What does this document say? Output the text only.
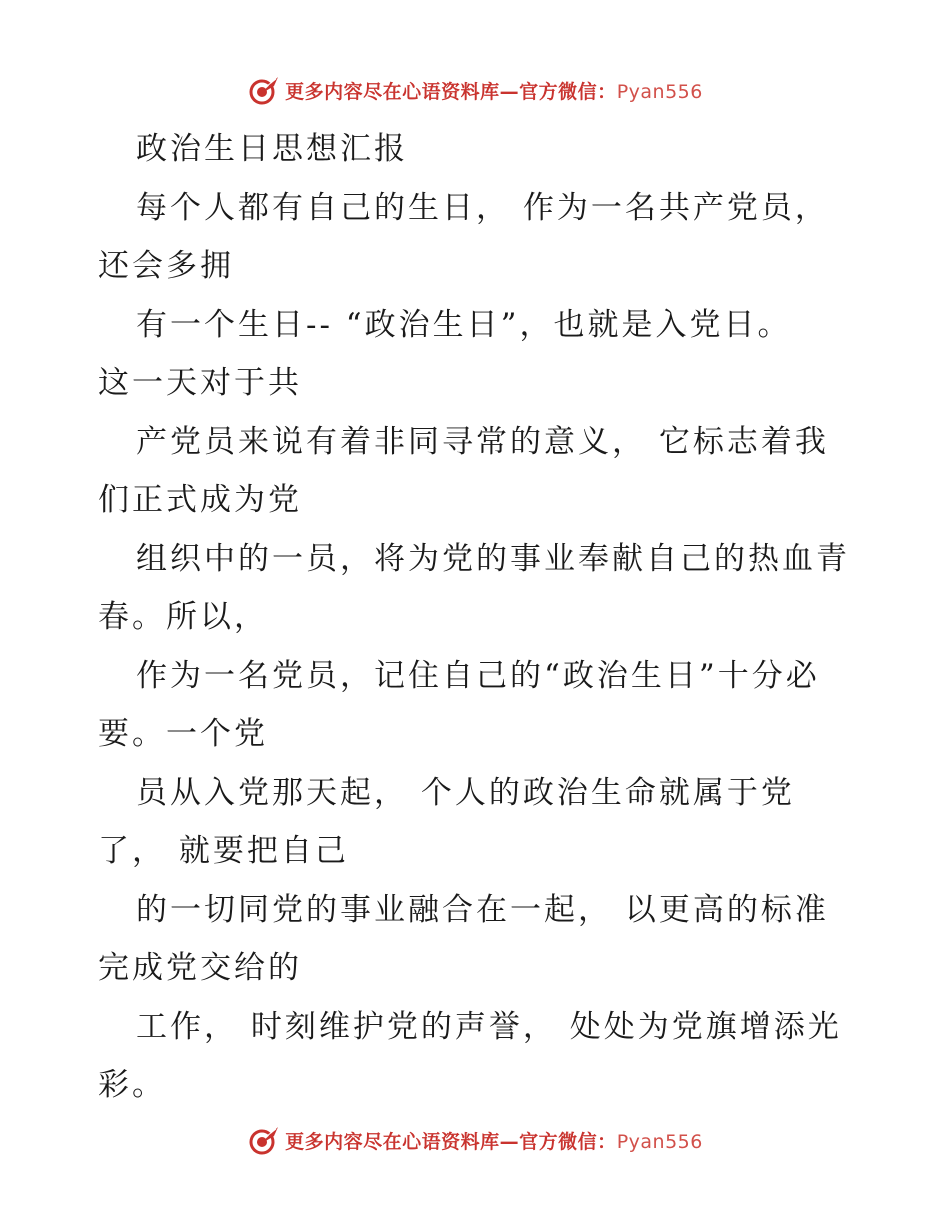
更多内容尽在心语资料库—官方微信：Pyan556
政治生日思想汇报
每个人都有自己的生日， 作为一名共产党员，
还会多拥
有一个生日-- “政治生日”，也就是入党日。
这一天对于共
产党员来说有着非同寻常的意义， 它标志着我
们正式成为党
组织中的一员，将为党的事业奉献自己的热血青
春。所以，
作为一名党员，记住自己的“政治生日”十分必
要。一个党
员从入党那天起， 个人的政治生命就属于党
了， 就要把自己
的一切同党的事业融合在一起， 以更高的标准
完成党交给的
工作， 时刻维护党的声誉， 处处为党旗增添光
彩。
更多内容尽在心语资料库—官方微信：Pyan556
